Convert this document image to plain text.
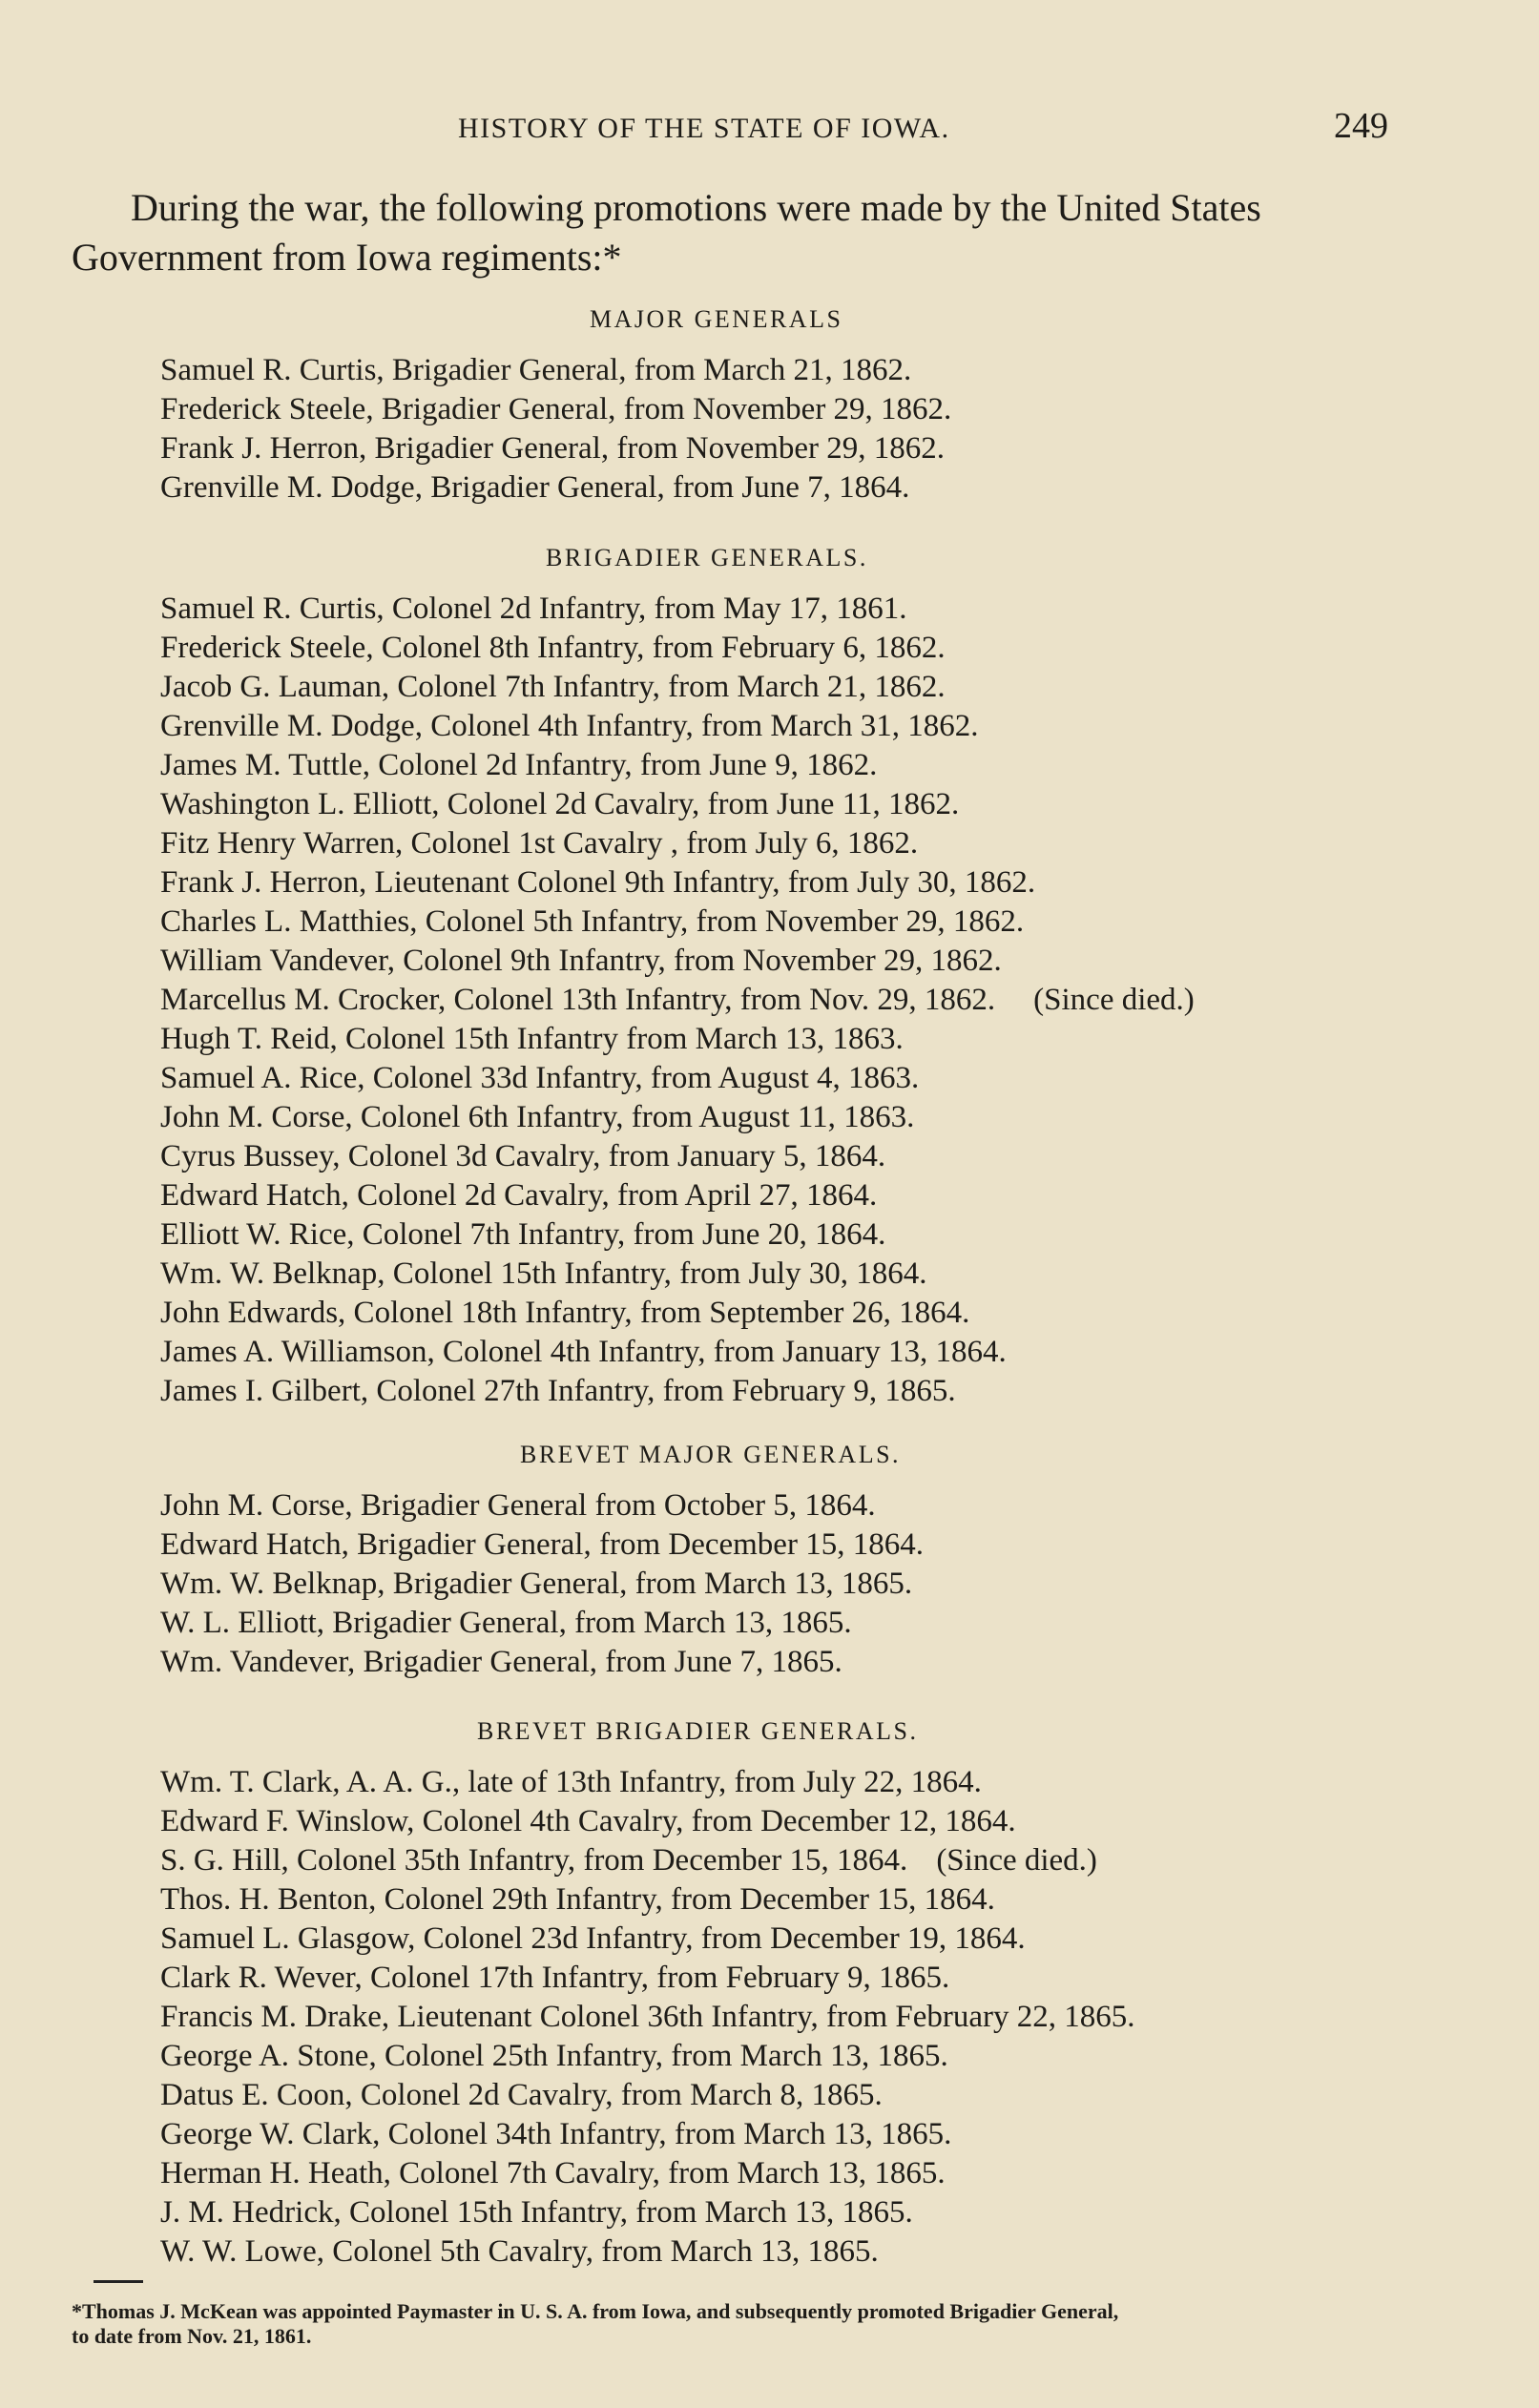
HISTORY OF THE STATE OF IOWA.	249
During the war, the following promotions were made by the United States
Government from Iowa regiments:*
MAJOR GENERALS
Samuel R. Curtis, Brigadier General, from March 21, 1862.
Frederick Steele, Brigadier General, from November 29, 1862.
Frank J. Herron, Brigadier General, from November 29, 1862.
Grenville M. Dodge, Brigadier General, from June 7, 1864.
BRIGADIER GENERALS.
Samuel R. Curtis, Colonel 2d Infantry, from May 17, 1861.
Frederick Steele, Colonel 8th Infantry, from February 6, 1862.
Jacob G. Lauman, Colonel 7th Infantry, from March 21, 1862.
Grenville M. Dodge, Colonel 4th Infantry, from March 31, 1862.
James M. Tuttle, Colonel 2d Infantry, from June 9, 1862.
Washington L. Elliott, Colonel 2d Cavalry, from June 11, 1862.
Fitz Henry Warren, Colonel 1st Cavalry , from July 6, 1862.
Frank J. Herron, Lieutenant Colonel 9th Infantry, from July 30, 1862.
Charles L. Matthies, Colonel 5th Infantry, from November 29, 1862.
William Vandever, Colonel 9th Infantry, from November 29, 1862.
Marcellus M. Crocker, Colonel 13th Infantry, from Nov. 29, 1862. (Since died.)
Hugh T. Reid, Colonel 15th Infantry from March 13, 1863.
Samuel A. Rice, Colonel 33d Infantry, from August 4, 1863.
John M. Corse, Colonel 6th Infantry, from August 11, 1863.
Cyrus Bussey, Colonel 3d Cavalry, from January 5, 1864.
Edward Hatch, Colonel 2d Cavalry, from April 27, 1864.
Elliott W. Rice, Colonel 7th Infantry, from June 20, 1864.
Wm. W. Belknap, Colonel 15th Infantry, from July 30, 1864.
John Edwards, Colonel 18th Infantry, from September 26, 1864.
James A. Williamson, Colonel 4th Infantry, from January 13, 1864.
James I. Gilbert, Colonel 27th Infantry, from February 9, 1865.
BREVET MAJOR GENERALS.
John M. Corse, Brigadier General from October 5, 1864.
Edward Hatch, Brigadier General, from December 15, 1864.
Wm. W. Belknap, Brigadier General, from March 13, 1865.
W. L. Elliott, Brigadier General, from March 13, 1865.
Wm. Vandever, Brigadier General, from June 7, 1865.
BREVET BRIGADIER GENERALS.
Wm. T. Clark, A. A. G., late of 13th Infantry, from July 22, 1864.
Edward F. Winslow, Colonel 4th Cavalry, from December 12, 1864.
S. G. Hill, Colonel 35th Infantry, from December 15, 1864. (Since died.)
Thos. H. Benton, Colonel 29th Infantry, from December 15, 1864.
Samuel L. Glasgow, Colonel 23d Infantry, from December 19, 1864.
Clark R. Wever, Colonel 17th Infantry, from February 9, 1865.
Francis M. Drake, Lieutenant Colonel 36th Infantry, from February 22, 1865.
George A. Stone, Colonel 25th Infantry, from March 13, 1865.
Datus E. Coon, Colonel 2d Cavalry, from March 8, 1865.
George W. Clark, Colonel 34th Infantry, from March 13, 1865.
Herman H. Heath, Colonel 7th Cavalry, from March 13, 1865.
J. M. Hedrick, Colonel 15th Infantry, from March 13, 1865.
W. W. Lowe, Colonel 5th Cavalry, from March 13, 1865.
*Thomas J. McKean was appointed Paymaster in U. S. A. from Iowa, and subsequently promoted Brigadier General,
to date from Nov. 21, 1861.
